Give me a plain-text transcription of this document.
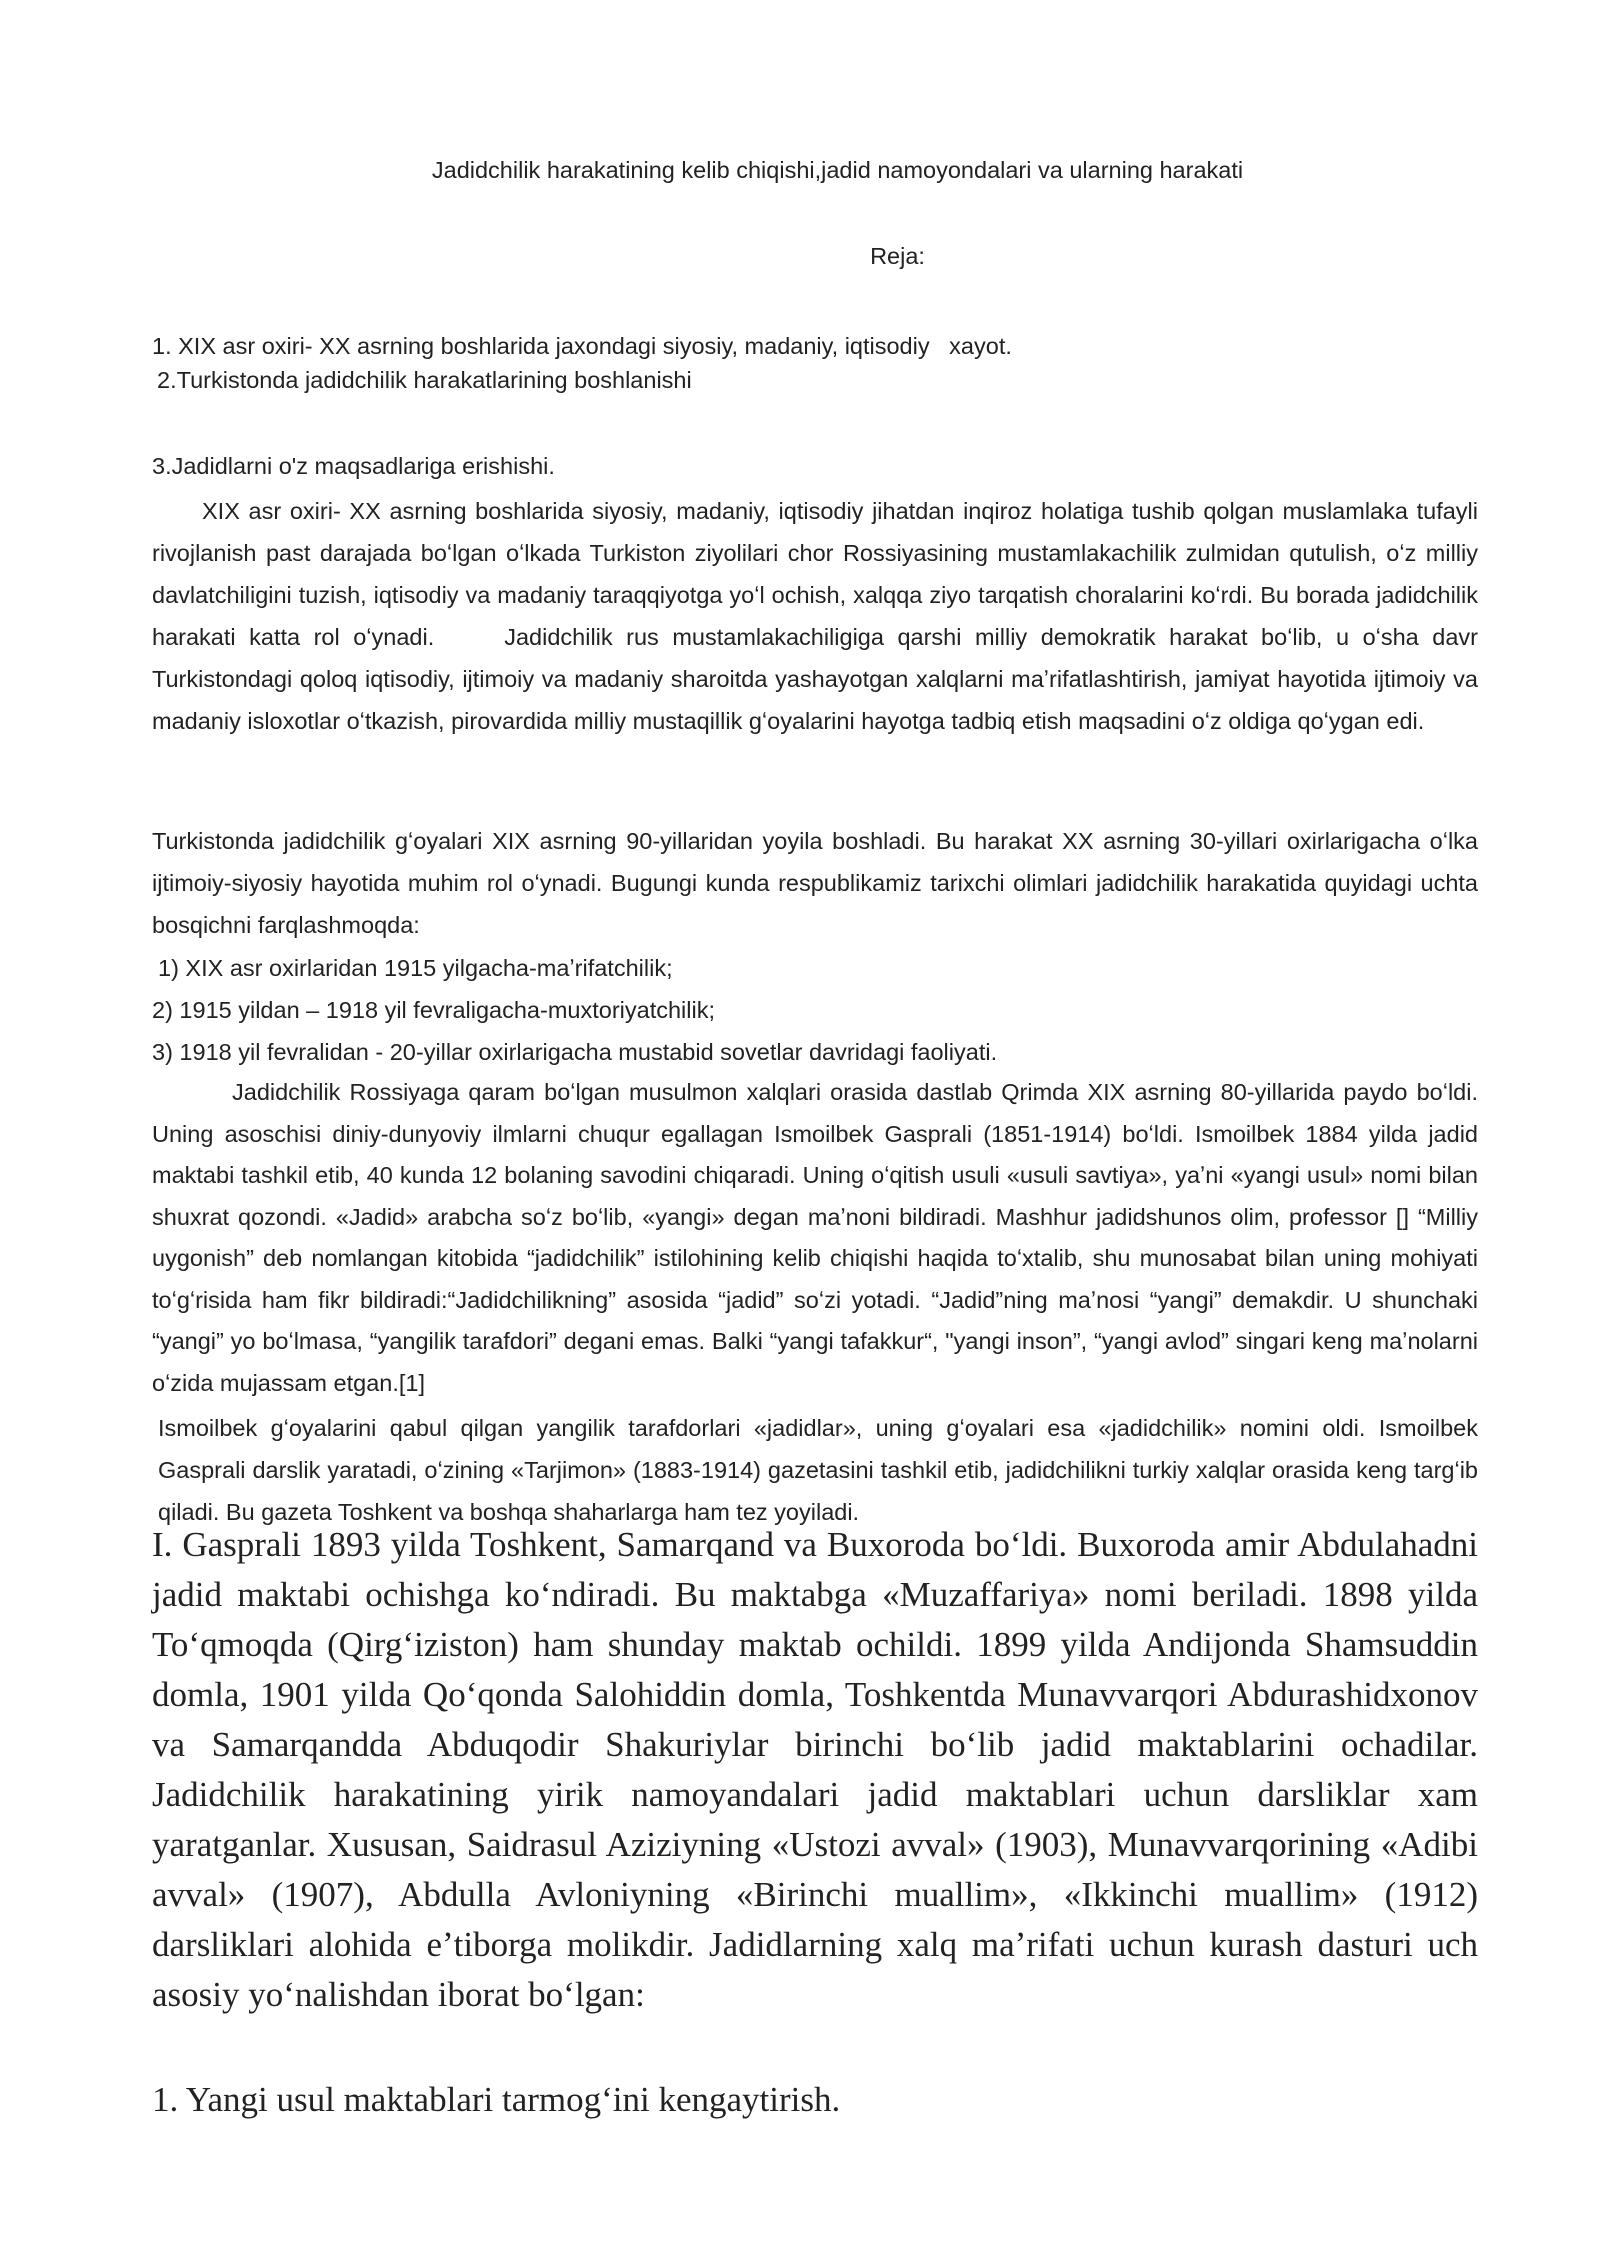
Jadidchilik harakatining kelib chiqishi,jadid namoyondalari va ularning harakati

Reja:

1. XIX asr oxiri- XX asrning boshlarida jaxondagi siyosiy, madaniy, iqtisodiy   xayot.

2.Turkistonda jadidchilik harakatlarining boshlanishi

3.Jadidlarni o'z maqsadlariga erishishi.

XIX asr oxiri- XX asrning boshlarida siyosiy, madaniy, iqtisodiy jihatdan inqiroz holatiga tushib qolgan muslamlaka tufayli rivojlanish past darajada boʻlgan oʻlkada Turkiston ziyolilari chor Rossiyasining mustamlakachilik zulmidan qutulish, oʻz milliy davlatchiligini tuzish, iqtisodiy va madaniy taraqqiyotga yoʻl ochish, xalqqa ziyo tarqatish choralarini koʻrdi. Bu borada jadidchilik harakati katta rol oʻynadi.	Jadidchilik rus mustamlakachiligiga qarshi milliy demokratik harakat boʻlib, u oʻsha davr Turkistondagi qoloq iqtisodiy, ijtimoiy va madaniy sharoitda yashayotgan xalqlarni maʼrifatlashtirish, jamiyat hayotida ijtimoiy va madaniy isloxotlar oʻtkazish, pirovardida milliy mustaqillik gʻoyalarini hayotga tadbiq etish maqsadini oʻz oldiga qoʻygan edi.

Turkistonda jadidchilik gʻoyalari XIX asrning 90-yillaridan yoyila boshladi. Bu harakat XX asrning 30-yillari oxirlarigacha oʻlka ijtimoiy-siyosiy hayotida muhim rol oʻynadi. Bugungi kunda respublikamiz tarixchi olimlari jadidchilik harakatida quyidagi uchta bosqichni farqlashmoqda:

1) XIX asr oxirlaridan 1915 yilgacha-maʼrifatchilik;

2) 1915 yildan – 1918 yil fevraligacha-muxtoriyatchilik;

3) 1918 yil fevralidan - 20-yillar oxirlarigacha mustabid sovetlar davridagi faoliyati.

Jadidchilik Rossiyaga qaram boʻlgan musulmon xalqlari orasida dastlab Qrimda XIX asrning 80-yillarida paydo boʻldi. Uning asoschisi diniy-dunyoviy ilmlarni chuqur egallagan Ismoilbek Gasprali (1851-1914) boʻldi. Ismoilbek 1884 yilda jadid maktabi tashkil etib, 40 kunda 12 bolaning savodini chiqaradi. Uning oʻqitish usuli «usuli savtiya», yaʼni «yangi usul» nomi bilan shuxrat qozondi. «Jadid» arabcha soʻz boʻlib, «yangi» degan maʼnoni bildiradi. Mashhur jadidshunos olim, professor [] “Milliy uygonish” deb nomlangan kitobida “jadidchilik” istilohining kelib chiqishi haqida toʻxtalib, shu munosabat bilan uning mohiyati toʻgʻrisida ham fikr bildiradi:“Jadidchilikning” asosida “jadid” soʻzi yotadi. “Jadid”ning maʼnosi “yangi” demakdir. U shunchaki “yangi” yo boʻlmasa, “yangilik tarafdori” degani emas. Balki “yangi tafakkur“, "yangi inson”, “yangi avlod” singari keng maʼnolarni oʻzida mujassam etgan.[1]

Ismoilbek gʻoyalarini qabul qilgan yangilik tarafdorlari «jadidlar», uning gʻoyalari esa «jadidchilik» nomini oldi. Ismoilbek Gasprali darslik yaratadi, oʻzining «Tarjimon» (1883-1914) gazetasini tashkil etib, jadidchilikni turkiy xalqlar orasida keng targʻib qiladi. Bu gazeta Toshkent va boshqa shaharlarga ham tez yoyiladi.

I. Gasprali 1893 yilda Toshkent, Samarqand va Buxoroda boʻldi. Buxoroda amir Abdulahadni jadid maktabi ochishga koʻndiradi. Bu maktabga «Muzaffariya» nomi beriladi. 1898 yilda Toʻqmoqda (Qirgʻiziston) ham shunday maktab ochildi. 1899 yilda Andijonda Shamsuddin domla, 1901 yilda Qoʻqonda Salohiddin domla, Toshkentda Munavvarqori Abdurashidxonov va Samarqandda Abduqodir Shakuriylar birinchi boʻlib jadid maktablarini ochadilar. Jadidchilik harakatining yirik namoyandalari jadid maktablari uchun darsliklar xam yaratganlar. Xususan, Saidrasul Aziziyning «Ustozi avval» (1903), Munavvarqorining «Adibi avval» (1907), Abdulla Avloniyning «Birinchi muallim», «Ikkinchi muallim» (1912) darsliklari alohida eʼtiborga molikdir. Jadidlarning xalq maʼrifati uchun kurash dasturi uch asosiy yoʻnalishdan iborat boʻlgan:

1. Yangi usul maktablari tarmogʻini kengaytirish.
